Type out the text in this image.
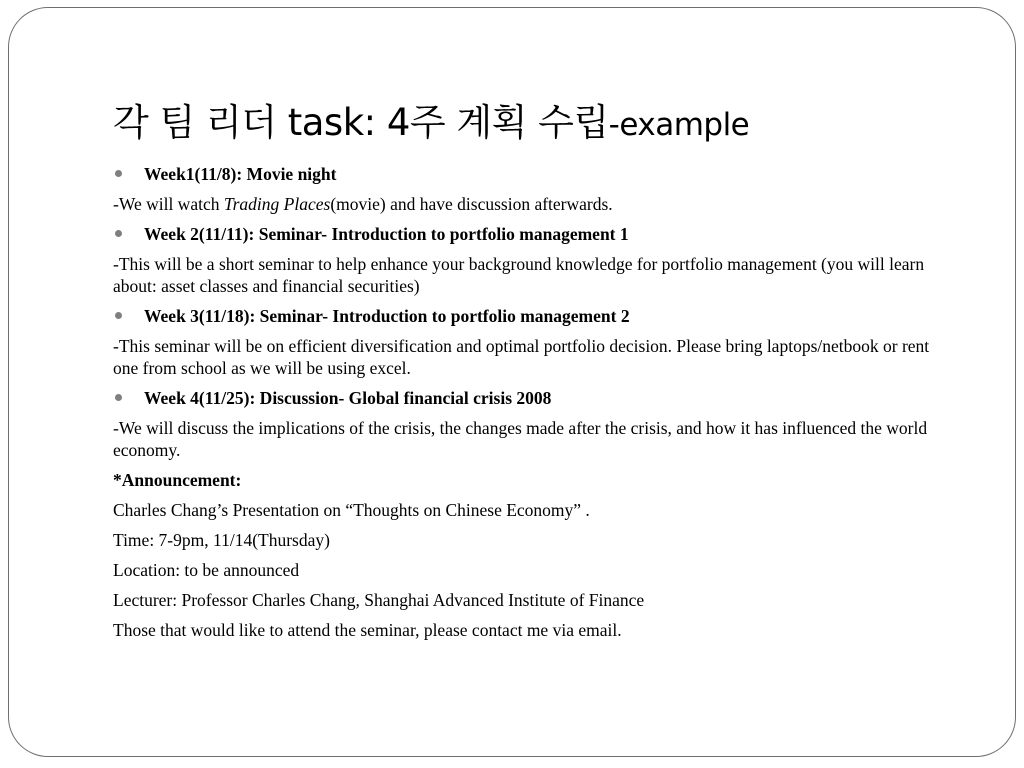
각 팀 리더 task: 4주 계획 수립-example
Week1(11/8): Movie night
-We will watch Trading Places(movie) and have discussion afterwards.
Week 2(11/11): Seminar- Introduction to portfolio management 1
-This will be a short seminar to help enhance your background knowledge for portfolio management (you will learn about: asset classes and financial securities)
Week 3(11/18): Seminar- Introduction to portfolio management 2
-This seminar will be on efficient diversification and optimal portfolio decision. Please bring laptops/netbook or rent one from school as we will be using excel.
Week 4(11/25): Discussion- Global financial crisis 2008
-We will discuss the implications of the crisis, the changes made after the crisis, and how it has influenced the world economy.
*Announcement:
Charles Chang’s Presentation on “Thoughts on Chinese Economy” .
Time: 7-9pm, 11/14(Thursday)
Location: to be announced
Lecturer: Professor Charles Chang, Shanghai Advanced Institute of Finance
Those that would like to attend the seminar, please contact me via email.
